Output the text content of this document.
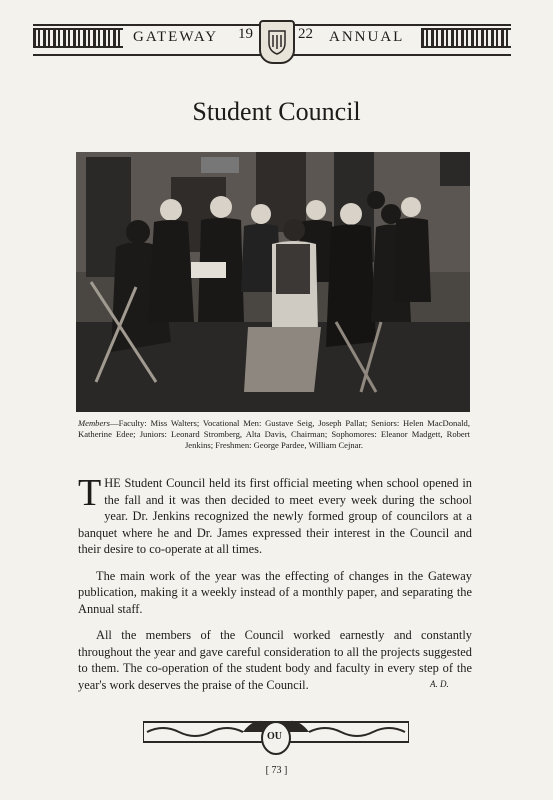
GATEWAY 19	22 ANNUAL
Student Council
Members—Faculty: Miss Walters; Vocational Men: Gustave Seig, Joseph Pallat; Seniors: Helen MacDonald, Katherine Edee; Juniors: Leonard Stromberg, Alta Davis, Chairman; Sophomores: Eleanor Madgett, Robert Jenkins; Freshmen: George Pardee, William Cejnar.

THE Student Council held its first official meeting when school opened in the fall and it was then decided to meet every week during the school year. Dr. Jenkins recognized the newly formed group of councilors at a banquet where he and Dr. James expressed their interest in the Council and their desire to co-operate at all times.

The main work of the year was the effecting of changes in the Gateway publication, making it a weekly instead of a monthly paper, and separating the Annual staff.

All the members of the Council worked earnestly and constantly throughout the year and gave careful consideration to all the projects suggested to them. The co-operation of the student body and faculty in every step of the year's work deserves the praise of the Council.	A. D.
OU
[ 73 ]
